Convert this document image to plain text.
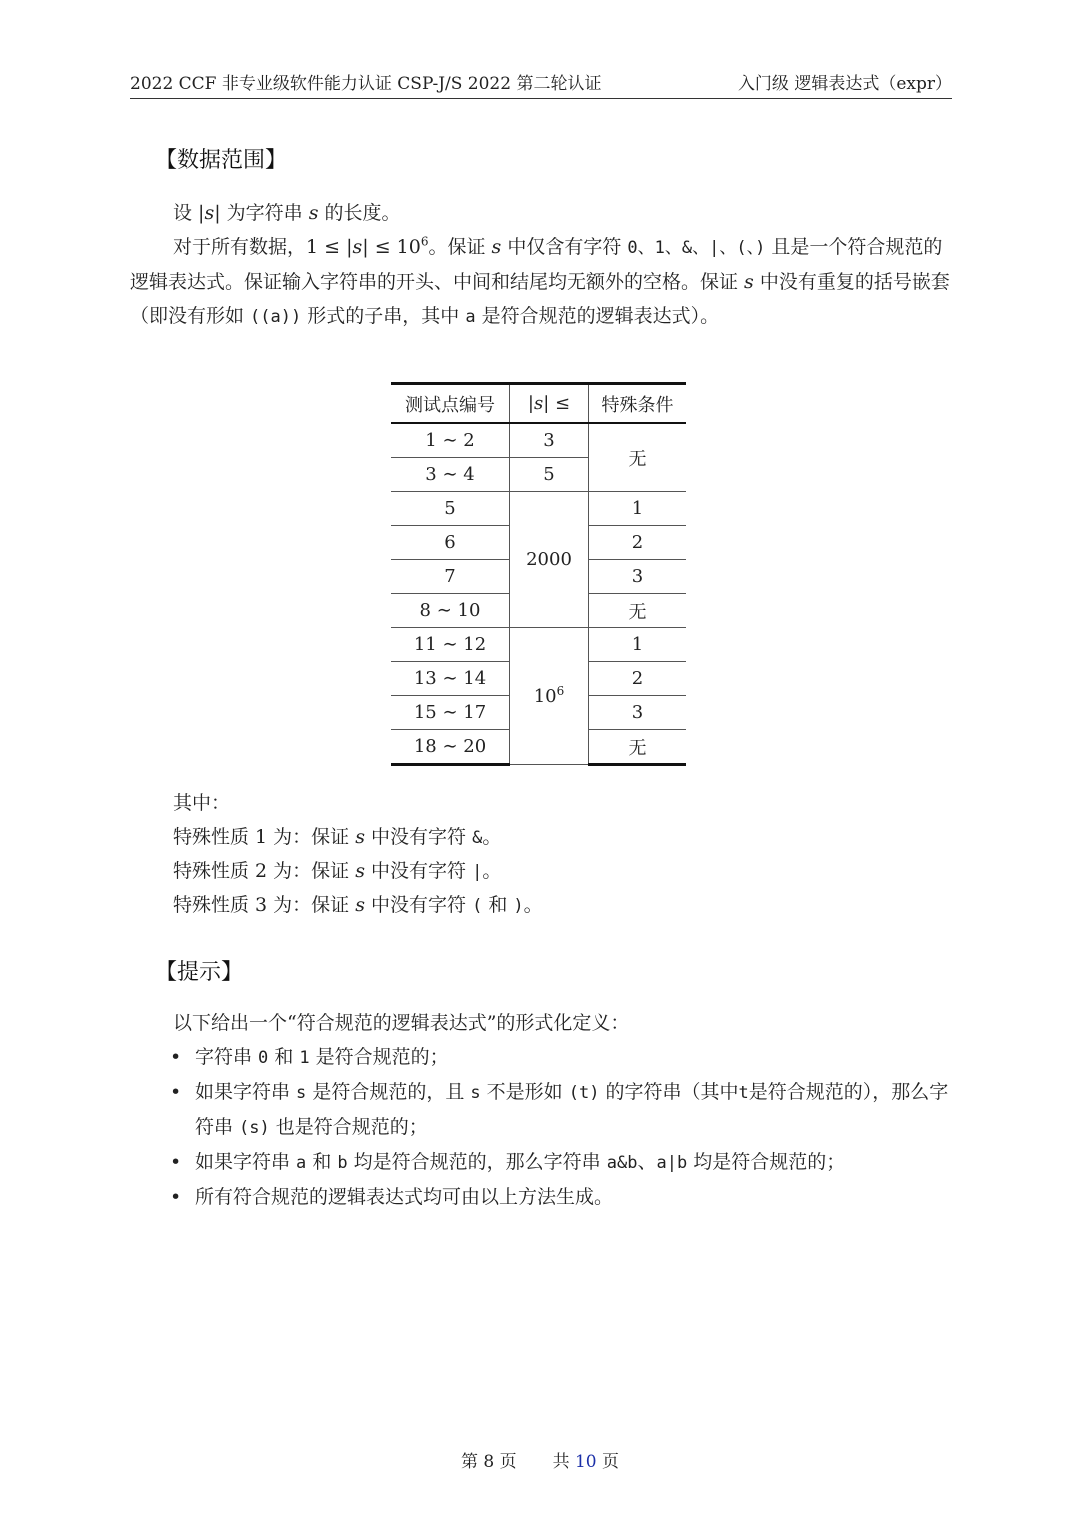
2022 CCF 非专业级软件能力认证 CSP-J/S 2022 第二轮认证	入门级 逻辑表达式（expr）
【数据范围】
设 |s| 为字符串 s 的长度。
对于所有数据，$1 \le |s| \le 10^6$。保证 s 中仅含有字符 0、1、&、|、(、) 且是一个符合规范的逻辑表达式。保证输入字符串的开头、中间和结尾均无额外的空格。保证 s 中没有重复的括号嵌套（即没有形如 ((a)) 形式的子串，其中 a 是符合规范的逻辑表达式）。
测试点编号	|s| ≤	特殊条件
1 ∼ 2	3	无
3 ∼ 4	5	
5	2000	1
6		2
7		3
8 ∼ 10		无
11 ∼ 12	$10^6$	1
13 ∼ 14		2
15 ∼ 17		3
18 ∼ 20		无
其中：
特殊性质 1 为：保证 s 中没有字符 &。
特殊性质 2 为：保证 s 中没有字符 |。
特殊性质 3 为：保证 s 中没有字符 ( 和 )。
【提示】
以下给出一个“符合规范的逻辑表达式”的形式化定义：
• 字符串 0 和 1 是符合规范的；
• 如果字符串 s 是符合规范的，且 s 不是形如 (t) 的字符串（其中t是符合规范的），那么字符串 (s) 也是符合规范的；
• 如果字符串 a 和 b 均是符合规范的，那么字符串 a&b、a|b 均是符合规范的；
• 所有符合规范的逻辑表达式均可由以上方法生成。
第 8 页 共 10 页
